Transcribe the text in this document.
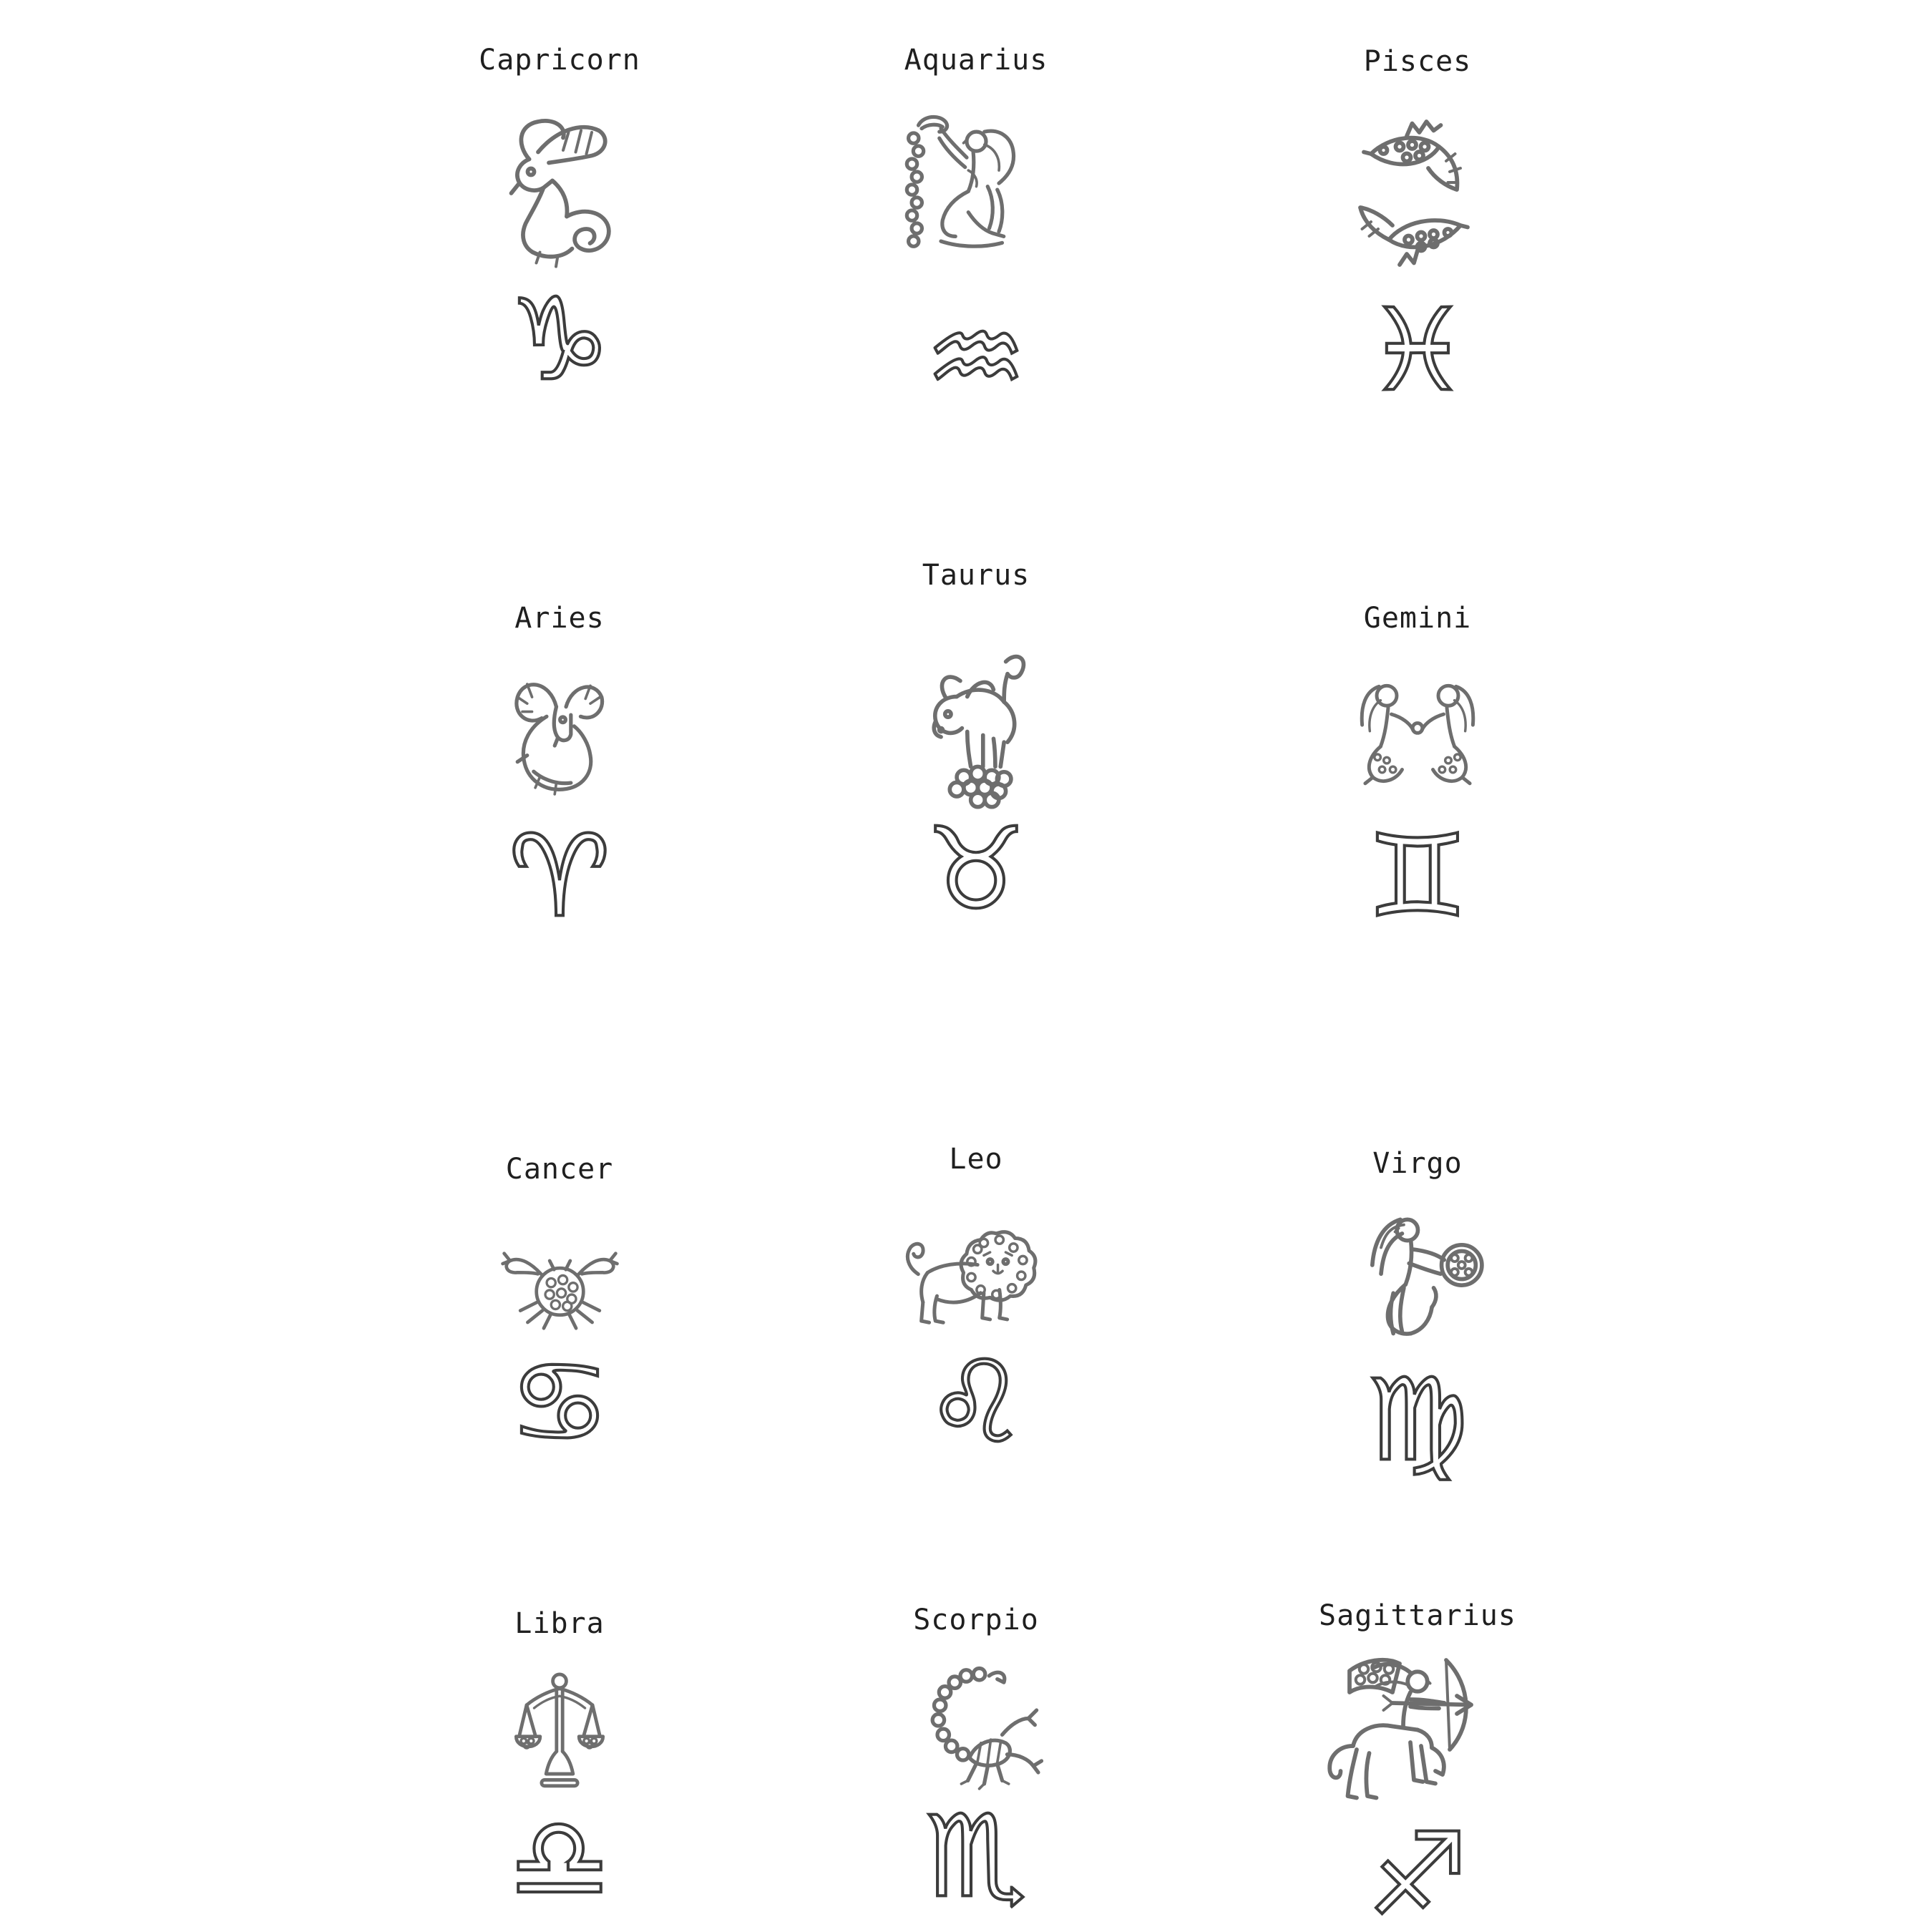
Capricorn
♑
Aquarius
♒
Pisces
♓
Aries
♈
Taurus
♉
Gemini
♊
Cancer
♋
Leo
♌
Virgo
♍
Libra
♎
Scorpio
♏
Sagittarius
♐
